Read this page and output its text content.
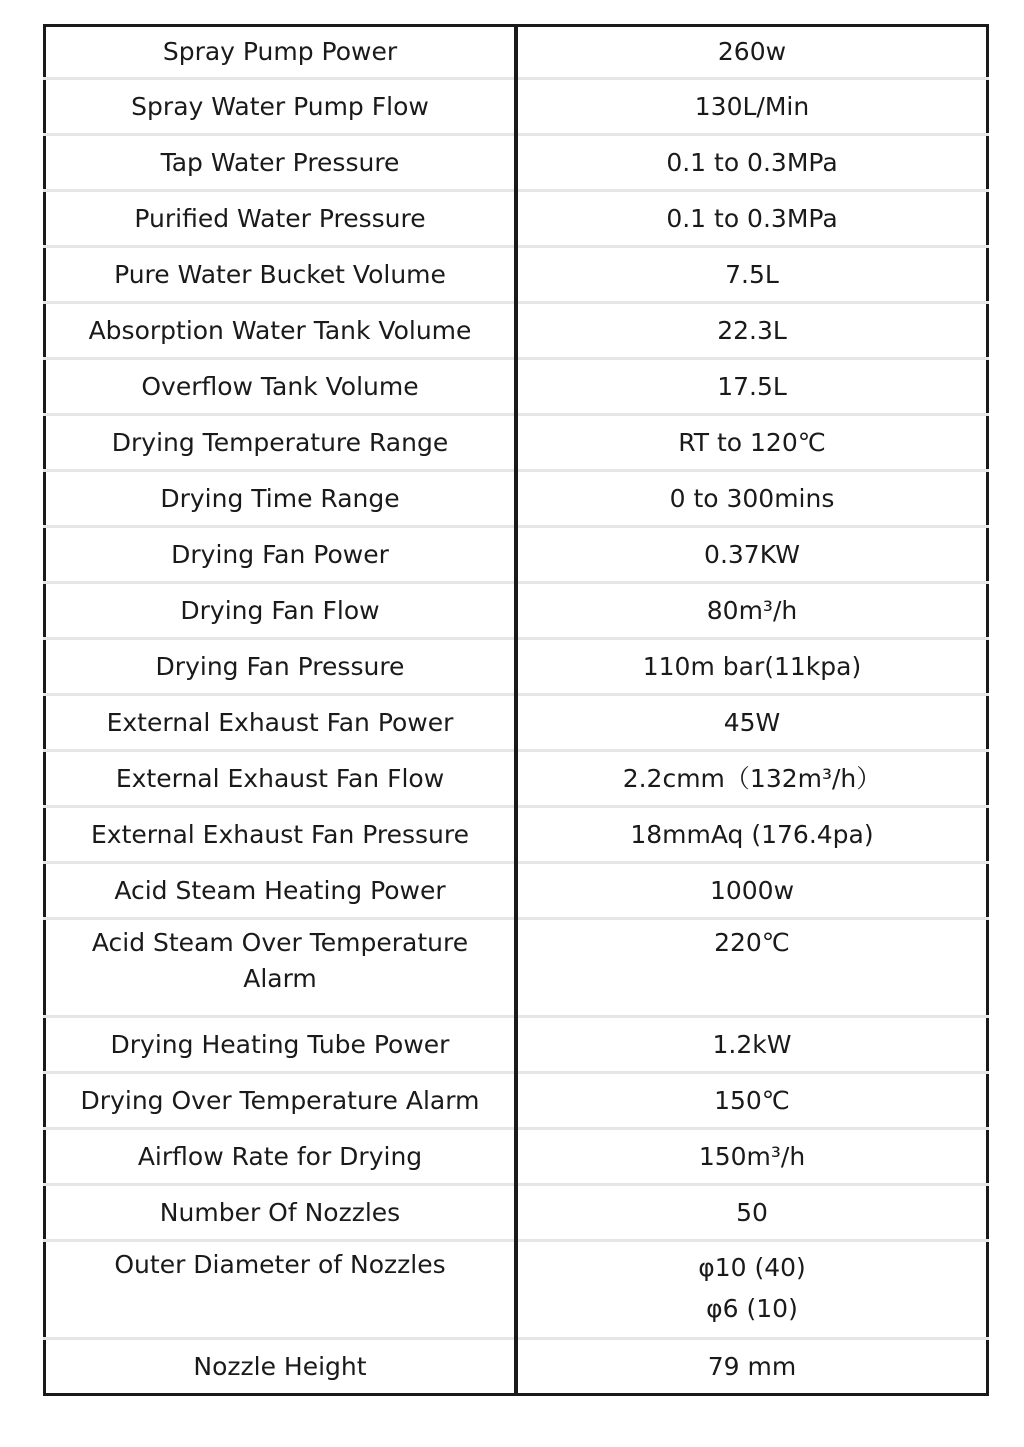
Spray Pump Power	260w
Spray Water Pump Flow	130L/Min
Tap Water Pressure	0.1 to 0.3MPa
Purified Water Pressure	0.1 to 0.3MPa
Pure Water Bucket Volume	7.5L
Absorption Water Tank Volume	22.3L
Overflow Tank Volume	17.5L
Drying Temperature Range	RT to 120℃
Drying Time Range	0 to 300mins
Drying Fan Power	0.37KW
Drying Fan Flow	80m³/h
Drying Fan Pressure	110m bar(11kpa)
External Exhaust Fan Power	45W
External Exhaust Fan Flow	2.2cmm（132m³/h）
External Exhaust Fan Pressure	18mmAq (176.4pa)
Acid Steam Heating Power	1000w
Acid Steam Over Temperature
Alarm	220℃
Drying Heating Tube Power	1.2kW
Drying Over Temperature Alarm	150℃
Airflow Rate for Drying	150m³/h
Number Of Nozzles	50
Outer Diameter of Nozzles	φ10 (40)
φ6 (10)

Nozzle Height	79 mm
